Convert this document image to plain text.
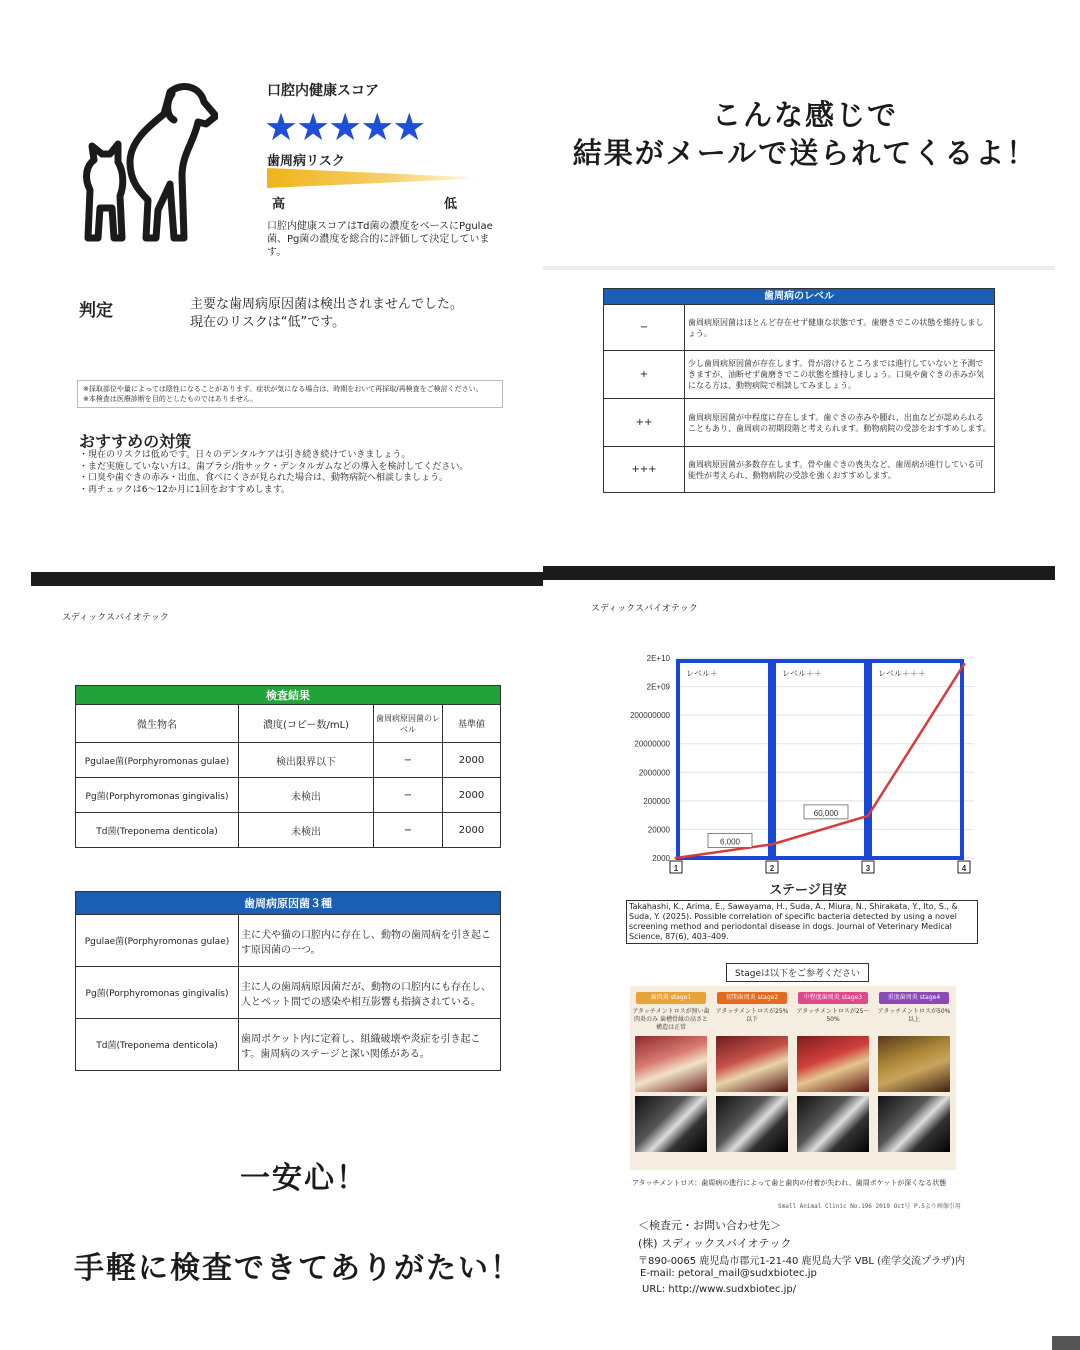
口腔内健康スコア
★★★★★
歯周病リスク
高	低
口腔内健康スコアはTd菌の濃度をベースにPgulae菌、Pg菌の濃度を総合的に評価して決定しています。
判定	主要な歯周病原因菌は検出されませんでした。
現在のリスクは“低”です。
※採取部位や量によっては陰性になることがあります。症状が気になる場合は、時期をおいて再採取/再検査をご検討ください。
※本検査は医療診断を目的としたものではありません。
おすすめの対策
・現在のリスクは低めです。日々のデンタルケアは引き続き続けていきましょう。
・まだ実施していない方は、歯ブラシ/指サック・デンタルガムなどの導入を検討してください。
・口臭や歯ぐきの赤み・出血、食べにくさが見られた場合は、動物病院へ相談しましょう。
・再チェックは6〜12か月に1回をおすすめします。
こんな感じで
結果がメールで送られてくるよ！
歯周病のレベル	
−	歯周病原因菌はほとんど存在せず健康な状態です。歯磨きでこの状態を維持しましょう。
+	少し歯周病原因菌が存在します。骨が溶けるところまでは進行していないと予測できますが、油断せず歯磨きでこの状態を維持しましょう。口臭や歯ぐきの赤みが気になる方は、動物病院で相談してみましょう。
++	歯周病原因菌が中程度に存在します。歯ぐきの赤みや腫れ、出血などが認められることもあり、歯周病の初期段階と考えられます。動物病院の受診をおすすめします。
+++	歯周病原因菌が多数存在します。骨や歯ぐきの喪失など、歯周病が進行している可能性が考えられ、動物病院の受診を強くおすすめします。
スディックスバイオテック
スディックスバイオテック
検査結果			
微生物名	濃度(コピー数/mL)	歯周病原因菌のレベル	基準値
Pgulae菌(Porphyromonas gulae)	検出限界以下	−	2000
Pg菌(Porphyromonas gingivalis)	未検出	−	2000
Td菌(Treponema denticola)	未検出	−	2000
歯周病原因菌３種	
Pgulae菌(Porphyromonas gulae)	主に犬や猫の口腔内に存在し、動物の歯周病を引き起こす原因菌の一つ。
Pg菌(Porphyromonas gingivalis)	主に人の歯周病原因菌だが、動物の口腔内にも存在し、人とペット間での感染や相互影響も指摘されている。
Td菌(Treponema denticola)	歯周ポケット内に定着し、組織破壊や炎症を引き起こす。歯周病のステージと深い関係がある。
一安心！
手軽に検査できてありがたい！
2000
20000
200000
2000000
20000000
200000000
2E+09
2E+10
レベル＋	レベル＋＋	レベル＋＋＋
6,000
60,000
1	2	3	4
ステージ目安
Takahashi, K., Arima, E., Sawayama, H., Suda, A., Miura, N., Shirakata, Y., Ito, S., & Suda, Y. (2025). Possible correlation of specific bacteria detected by using a novel screening method and periodontal disease in dogs. Journal of Veterinary Medical Science, 87(6), 403–409.
Stageは以下をご参考ください
歯肉炎 stage1
アタッチメントロスが無い歯肉炎のみ 歯槽骨縁の高さと構造は正常
初期歯周炎 stage2
アタッチメントロスが25%以下
中程度歯周炎 stage3
アタッチメントロスが25〜50%
重度歯周炎 stage4
アタッチメントロスが50%以上
アタッチメントロス：歯周病の進行によって歯と歯肉の付着が失われ、歯周ポケットが深くなる状態
Small Animal Clinic No.196 2019 Oct号 P.5より画像引用
＜検査元・お問い合わせ先＞
(株) スディックスバイオテック
〒890-0065 鹿児島市郡元1-21-40 鹿児島大学 VBL (産学交流プラザ)内
E-mail: petoral_mail@sudxbiotec.jp
URL: http://www.sudxbiotec.jp/
